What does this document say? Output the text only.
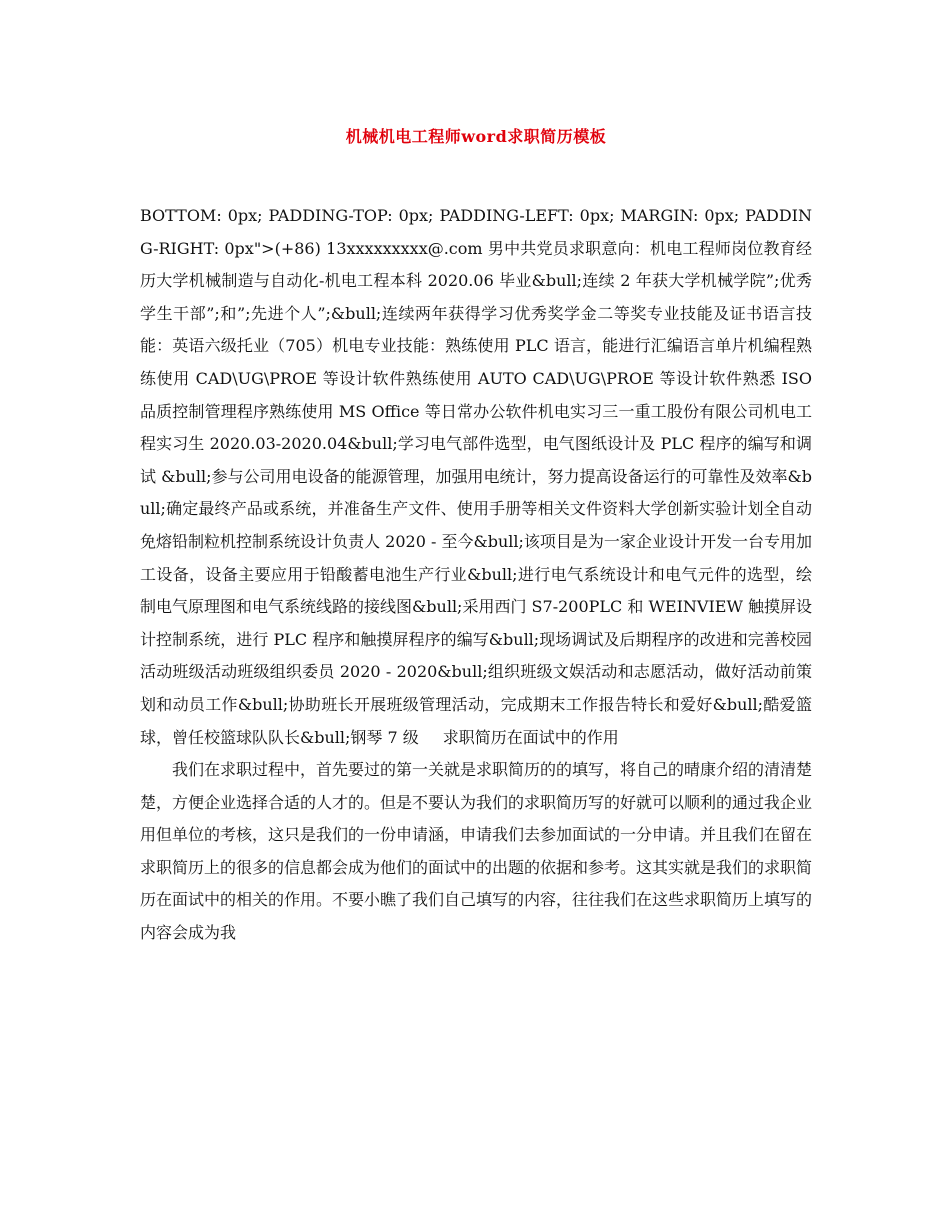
机械机电工程师word求职简历模板

BOTTOM: 0px; PADDING-TOP: 0px; PADDING-LEFT: 0px; MARGIN: 0px; PADDING-RIGHT: 0px">(+86) 13xxxxxxxxx@.com 男中共党员求职意向：机电工程师岗位教育经历大学机械制造与自动化-机电工程本科 2020.06 毕业&bull;连续 2 年获大学机械学院”;优秀学生干部”;和”;先进个人”;&bull;连续两年获得学习优秀奖学金二等奖专业技能及证书语言技能：英语六级托业（705）机电专业技能：熟练使用 PLC 语言，能进行汇编语言单片机编程熟练使用 CAD\UG\PROE 等设计软件熟练使用 AUTO CAD\UG\PROE 等设计软件熟悉 ISO 品质控制管理程序熟练使用 MS Office 等日常办公软件机电实习三一重工股份有限公司机电工程实习生 2020.03-2020.04&bull;学习电气部件选型，电气图纸设计及 PLC 程序的编写和调试 &bull;参与公司用电设备的能源管理，加强用电统计，努力提高设备运行的可靠性及效率&bull;确定最终产品或系统，并准备生产文件、使用手册等相关文件资料大学创新实验计划全自动免熔铅制粒机控制系统设计负责人 2020 - 至今&bull;该项目是为一家企业设计开发一台专用加工设备，设备主要应用于铅酸蓄电池生产行业&bull;进行电气系统设计和电气元件的选型，绘制电气原理图和电气系统线路的接线图&bull;采用西门 S7-200PLC 和 WEINVIEW 触摸屏设计控制系统，进行 PLC 程序和触摸屏程序的编写&bull;现场调试及后期程序的改进和完善校园活动班级活动班级组织委员 2020 - 2020&bull;组织班级文娱活动和志愿活动，做好活动前策划和动员工作&bull;协助班长开展班级管理活动，完成期末工作报告特长和爱好&bull;酷爱篮球，曾任校篮球队队长&bull;钢琴 7 级 求职简历在面试中的作用

我们在求职过程中，首先要过的第一关就是求职简历的的填写，将自己的晴康介绍的清清楚楚，方便企业选择合适的人才的。但是不要认为我们的求职简历写的好就可以顺利的通过我企业用但单位的考核，这只是我们的一份申请涵，申请我们去参加面试的一分申请。并且我们在留在求职简历上的很多的信息都会成为他们的面试中的出题的依据和参考。这其实就是我们的求职简历在面试中的相关的作用。不要小瞧了我们自己填写的内容，往往我们在这些求职简历上填写的内容会成为我
